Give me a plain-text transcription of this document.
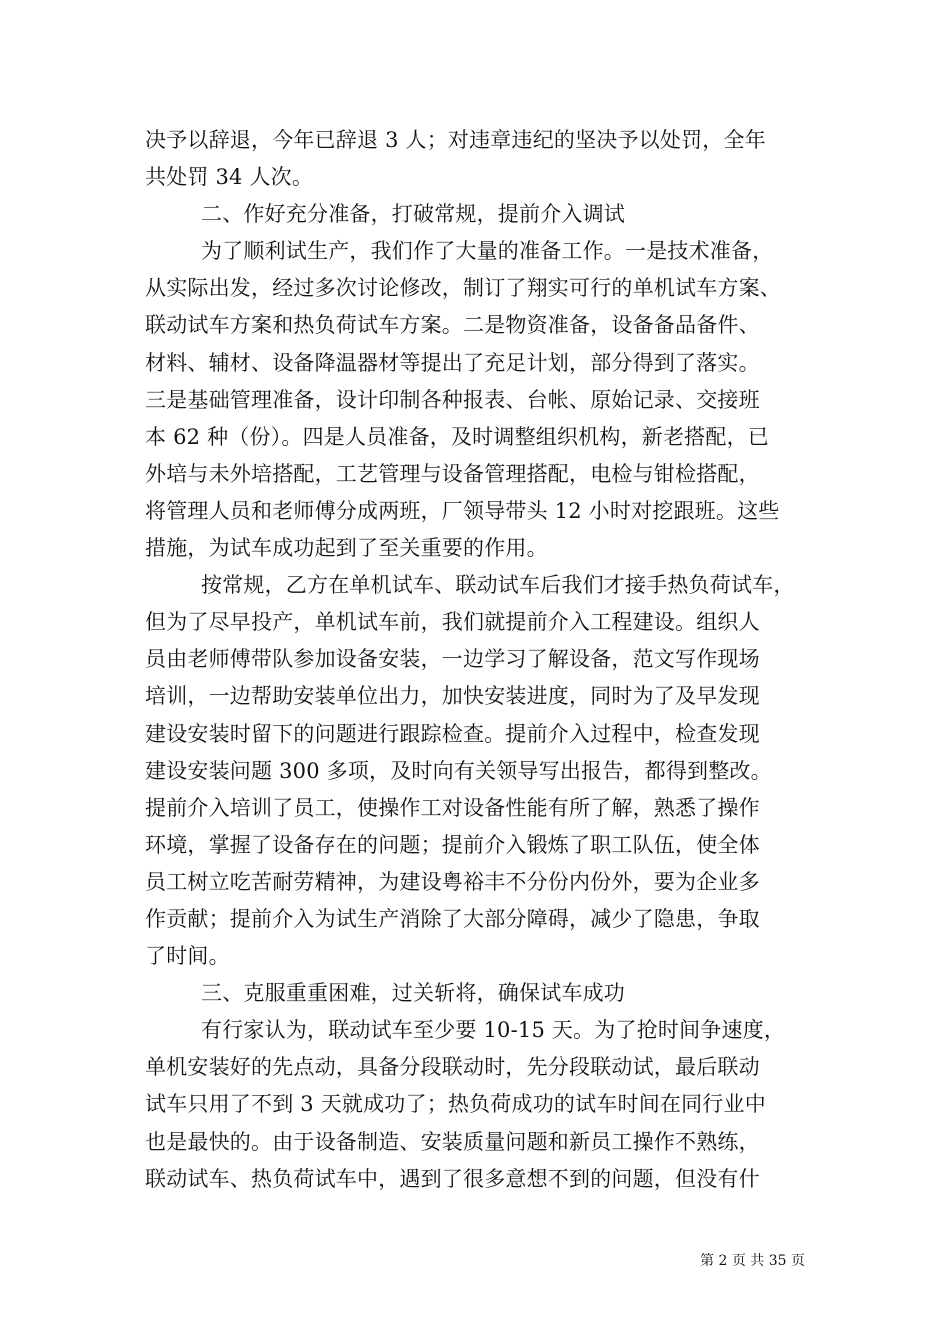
决予以辞退，今年已辞退 3 人；对违章违纪的坚决予以处罚，全年
共处罚 34 人次。
二、作好充分准备，打破常规，提前介入调试
为了顺利试生产，我们作了大量的准备工作。一是技术准备，
从实际出发，经过多次讨论修改，制订了翔实可行的单机试车方案、
联动试车方案和热负荷试车方案。二是物资准备，设备备品备件、
材料、辅材、设备降温器材等提出了充足计划，部分得到了落实。
三是基础管理准备，设计印制各种报表、台帐、原始记录、交接班
本 62 种（份）。四是人员准备，及时调整组织机构，新老搭配，已
外培与未外培搭配，工艺管理与设备管理搭配，电检与钳检搭配，
将管理人员和老师傅分成两班，厂领导带头 12 小时对挖跟班。这些
措施，为试车成功起到了至关重要的作用。
按常规，乙方在单机试车、联动试车后我们才接手热负荷试车，
但为了尽早投产，单机试车前，我们就提前介入工程建设。组织人
员由老师傅带队参加设备安装，一边学习了解设备，范文写作现场
培训，一边帮助安装单位出力，加快安装进度，同时为了及早发现
建设安装时留下的问题进行跟踪检查。提前介入过程中，检查发现
建设安装问题 300 多项，及时向有关领导写出报告，都得到整改。
提前介入培训了员工，使操作工对设备性能有所了解，熟悉了操作
环境，掌握了设备存在的问题；提前介入锻炼了职工队伍，使全体
员工树立吃苦耐劳精神，为建设粤裕丰不分份内份外，要为企业多
作贡献；提前介入为试生产消除了大部分障碍，减少了隐患，争取
了时间。
三、克服重重困难，过关斩将，确保试车成功
有行家认为，联动试车至少要 10-15 天。为了抢时间争速度，
单机安装好的先点动，具备分段联动时，先分段联动试，最后联动
试车只用了不到 3 天就成功了；热负荷成功的试车时间在同行业中
也是最快的。由于设备制造、安装质量问题和新员工操作不熟练，
联动试车、热负荷试车中，遇到了很多意想不到的问题，但没有什
第 2 页 共 35 页
